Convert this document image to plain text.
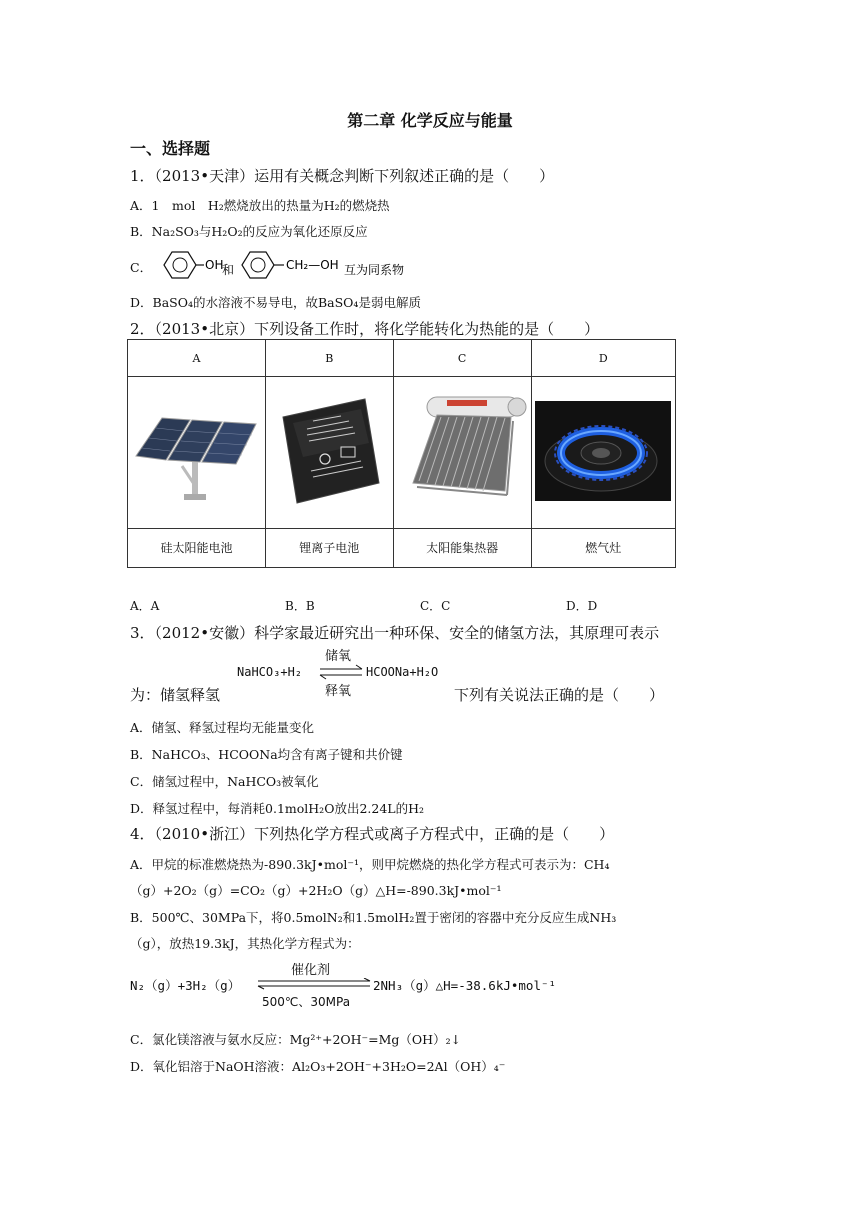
第二章 化学反应与能量
一、选择题
1．（2013•天津）运用有关概念判断下列叙述正确的是（　　）
A．1　mol　H₂燃烧放出的热量为H₂的燃烧热
B．Na₂SO₃与H₂O₂的反应为氧化还原反应
C．	OH
和	CH₂—OH 互为同系物
D．BaSO₄的水溶液不易导电，故BaSO₄是弱电解质
2．（2013•北京）下列设备工作时，将化学能转化为热能的是（　　）
A	B	C	D

硅太阳能电池	锂离子电池	太阳能集热器	燃气灶
A．A	B．B	C．C	D．D
3．（2012•安徽）科学家最近研究出一种环保、安全的储氢方法，其原理可表示
为：储氢释氢
NaHCO₃+H₂
储氧
释氧
HCOONa+H₂O
下列有关说法正确的是（　　）
A．储氢、释氢过程均无能量变化
B．NaHCO₃、HCOONa均含有离子键和共价键
C．储氢过程中，NaHCO₃被氧化
D．释氢过程中，每消耗0.1molH₂O放出2.24L的H₂
4．（2010•浙江）下列热化学方程式或离子方程式中，正确的是（　　）
A．甲烷的标准燃烧热为-890.3kJ•mol⁻¹，则甲烷燃烧的热化学方程式可表示为：CH₄
（g）+2O₂（g）=CO₂（g）+2H₂O（g）△H=-890.3kJ•mol⁻¹
B．500℃、30MPa下，将0.5molN₂和1.5molH₂置于密闭的容器中充分反应生成NH₃
（g），放热19.3kJ，其热化学方程式为：
N₂（g）+3H₂（g）
催化剂
500℃、30MPa
2NH₃（g）△H=-38.6kJ•mol⁻¹
C．氯化镁溶液与氨水反应：Mg²⁺+2OH⁻=Mg（OH）₂↓
D．氧化铝溶于NaOH溶液：Al₂O₃+2OH⁻+3H₂O=2Al（OH）₄⁻
